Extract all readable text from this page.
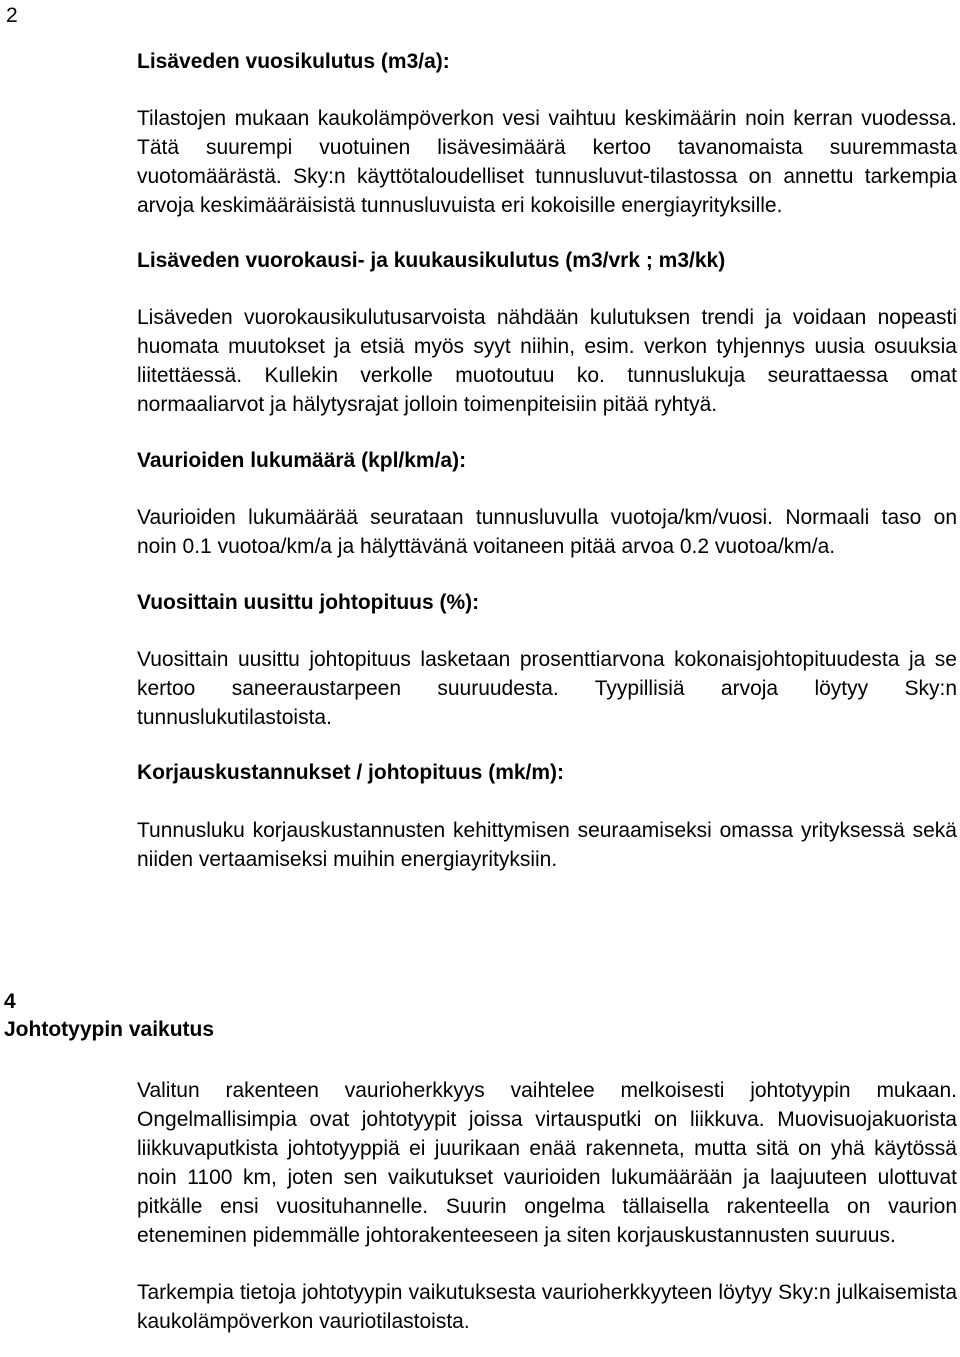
2
Lisäveden vuosikulutus (m3/a):

Tilastojen mukaan kaukolämpöverkon vesi vaihtuu keskimäärin noin kerran vuodessa. Tätä suurempi vuotuinen lisävesimäärä kertoo tavanomaista suuremmasta vuotomäärästä. Sky:n käyttötaloudelliset tunnusluvut-tilastossa on annettu tarkempia arvoja keskimääräisistä tunnusluvuista eri kokoisille energiayrityksille.

Lisäveden vuorokausi- ja kuukausikulutus (m3/vrk ; m3/kk)

Lisäveden vuorokausikulutusarvoista nähdään kulutuksen trendi ja voidaan nopeasti huomata muutokset ja etsiä myös syyt niihin, esim. verkon tyhjennys uusia osuuksia liitettäessä. Kullekin verkolle muotoutuu ko. tunnuslukuja seurattaessa omat normaaliarvot ja hälytysrajat jolloin toimenpiteisiin pitää ryhtyä.

Vaurioiden lukumäärä (kpl/km/a):

Vaurioiden lukumäärää seurataan tunnusluvulla vuotoja/km/vuosi. Normaali taso on noin 0.1 vuotoa/km/a ja hälyttävänä voitaneen pitää arvoa 0.2 vuotoa/km/a.

Vuosittain uusittu johtopituus (%):

Vuosittain uusittu johtopituus lasketaan prosenttiarvona kokonaisjohtopituudesta ja se kertoo saneeraustarpeen suuruudesta. Tyypillisiä arvoja löytyy Sky:n tunnuslukutilastoista.

Korjauskustannukset / johtopituus (mk/m):

Tunnusluku korjauskustannusten kehittymisen seuraamiseksi omassa yrityksessä sekä niiden vertaamiseksi muihin energiayrityksiin.

4
Johtotyypin vaikutus

Valitun rakenteen vaurioherkkyys vaihtelee melkoisesti johtotyypin mukaan. Ongelmallisimpia ovat johtotyypit joissa virtausputki on liikkuva. Muovisuojakuorista liikkuvaputkista johtotyyppiä ei juurikaan enää rakenneta, mutta sitä on yhä käytössä noin 1100 km, joten sen vaikutukset vaurioiden lukumäärään ja laajuuteen ulottuvat pitkälle ensi vuosituhannelle. Suurin ongelma tällaisella rakenteella on vaurion eteneminen pidemmälle johtorakenteeseen ja siten korjauskustannusten suuruus.

Tarkempia tietoja johtotyypin vaikutuksesta vaurioherkkyyteen löytyy Sky:n julkaisemista kaukolämpöverkon vauriotilastoista.
